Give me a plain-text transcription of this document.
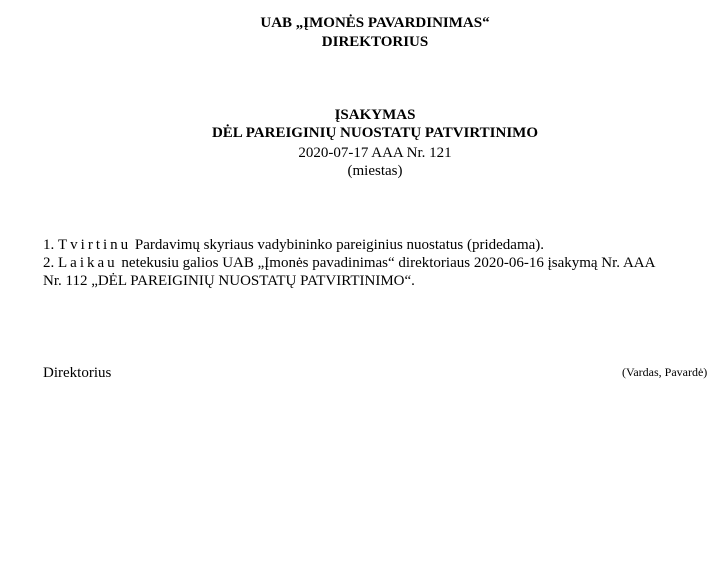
UAB „ĮMONĖS PAVARDINIMAS“
DIREKTORIUS
ĮSAKYMAS
DĖL PAREIGINIŲ NUOSTATŲ PATVIRTINIMO
2020-07-17 AAA Nr. 121
(miestas)
1. Tvirtinu Pardavimų skyriaus vadybininko pareiginius nuostatus (pridedama).
2. Laikau netekusiu galios UAB „Įmonės pavadinimas“ direktoriaus 2020-06-16 įsakymą Nr. AAA
Nr. 112 „DĖL PAREIGINIŲ NUOSTATŲ PATVIRTINIMO“.
Direktorius	(Vardas, Pavardė)
